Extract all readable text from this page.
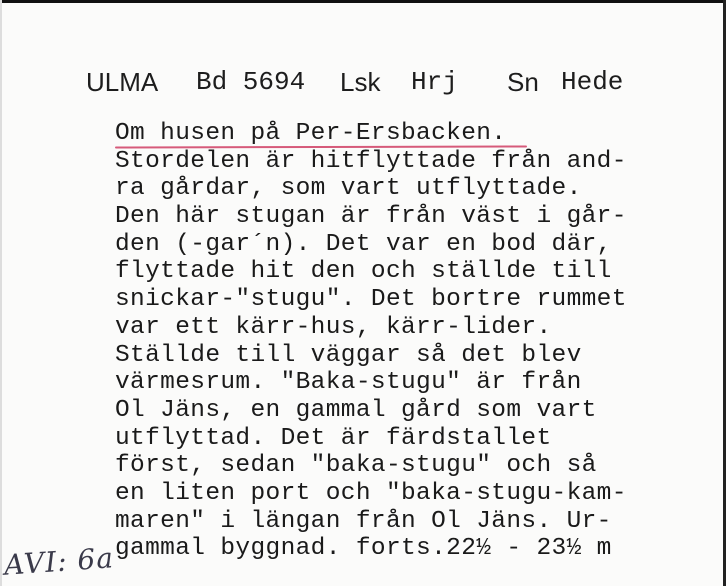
ULMA Bd 5694 Lsk Hrj Sn Hede
Om husen på Per-Ersbacken.
Stordelen är hitflyttade från and-
ra gårdar, som vart utflyttade.
Den här stugan är från väst i går-
den (-gar´n). Det var en bod där,
flyttade hit den och ställde till
snickar-"stugu". Det bortre rummet
var ett kärr-hus, kärr-lider.
Ställde till väggar så det blev
värmesrum. "Baka-stugu" är från
Ol Jäns, en gammal gård som vart
utflyttad. Det är färdstallet
först, sedan "baka-stugu" och så
en liten port och "baka-stugu-kam-
maren" i längan från Ol Jäns. Ur-
gammal byggnad. forts.22½ - 23½ m
AVI: 6a
